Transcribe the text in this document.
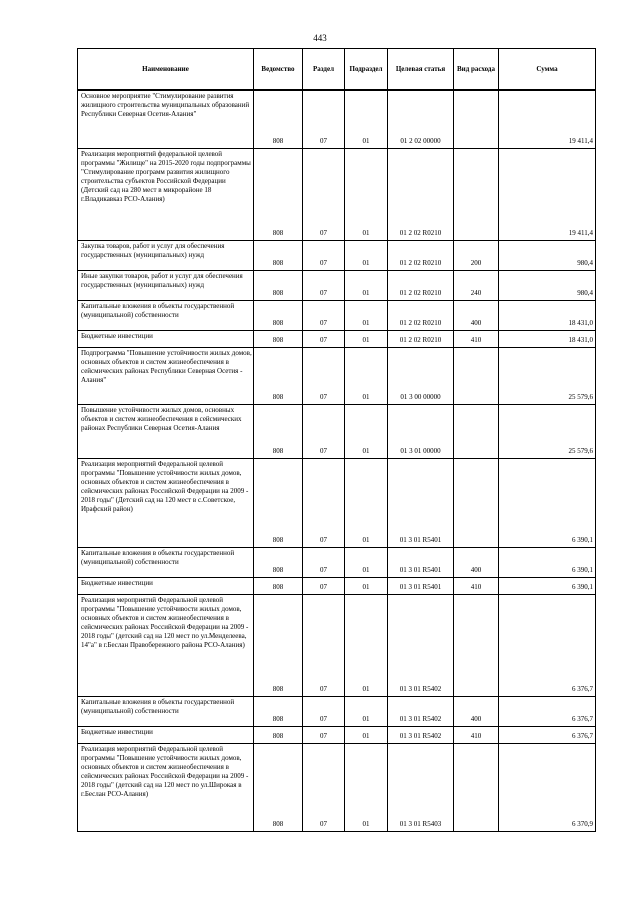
443
Наименование	Ведомство	Раздел	Подраздел	Целевая статья	Вид расхода	Сумма
Основное мероприятие "Стимулирование развития жилищного строительства муниципальных образований Республики Северная Осетия-Алания"	808	07	01	01 2 02 00000		19 411,4
Реализация мероприятий федеральной целевой программы "Жилище" на 2015-2020 годы подпрограммы "Стимулирование программ развития жилищного строительства субъектов Российской Федерации (Детский сад на 280 мест в микрорайоне 18 г.Владикавказ РСО-Алания)	808	07	01	01 2 02 R0210		19 411,4
Закупка товаров, работ и услуг для обеспечения государственных (муниципальных) нужд	808	07	01	01 2 02 R0210	200	980,4
Иные закупки товаров, работ и услуг для обеспечения государственных (муниципальных) нужд	808	07	01	01 2 02 R0210	240	980,4
Капитальные вложения в объекты государственной (муниципальной) собственности	808	07	01	01 2 02 R0210	400	18 431,0
Бюджетные инвестиции	808	07	01	01 2 02 R0210	410	18 431,0
Подпрограмма "Повышение устойчивости жилых домов, основных объектов и систем жизнеобеспечения в сейсмических районах Республики Северная Осетия - Алания"	808	07	01	01 3 00 00000		25 579,6
Повышение устойчивости жилых домов, основных объектов и систем жизнеобеспечения в сейсмических районах Республики Северная Осетия-Алания	808	07	01	01 3 01 00000		25 579,6
Реализация мероприятий Федеральной целевой программы "Повышение устойчивости жилых домов, основных объектов и систем жизнеобеспечения в сейсмических районах Российской Федерации на 2009 - 2018 годы" (Детский сад на 120 мест в с.Советское, Ирафский район)	808	07	01	01 3 01 R5401		6 390,1
Капитальные вложения в объекты государственной (муниципальной) собственности	808	07	01	01 3 01 R5401	400	6 390,1
Бюджетные инвестиции	808	07	01	01 3 01 R5401	410	6 390,1
Реализация мероприятий Федеральной целевой программы "Повышение устойчивости жилых домов, основных объектов и систем жизнеобеспечения в сейсмических районах Российской Федерации на 2009 - 2018 годы" (детский сад на 120 мест по ул.Менделеева, 14"а" в г.Беслан Правобережного района РСО-Алания)	808	07	01	01 3 01 R5402		6 376,7
Капитальные вложения в объекты государственной (муниципальной) собственности	808	07	01	01 3 01 R5402	400	6 376,7
Бюджетные инвестиции	808	07	01	01 3 01 R5402	410	6 376,7
Реализация мероприятий Федеральной целевой программы "Повышение устойчивости жилых домов, основных объектов и систем жизнеобеспечения в сейсмических районах Российской Федерации на 2009 - 2018 годы" (детский сад на 120 мест по ул.Широкая в г.Беслан РСО-Алания)	808	07	01	01 3 01 R5403		6 370,9
